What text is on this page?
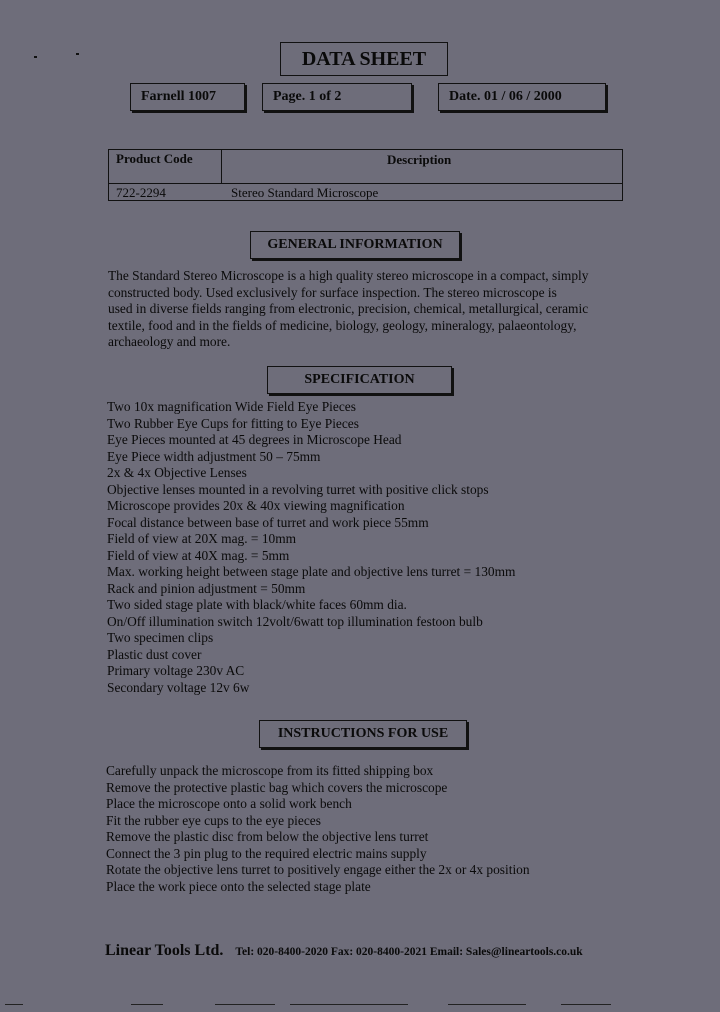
DATA SHEET
Farnell 1007	Page. 1 of 2	Date. 01 / 06 / 2000
Product Code	Description
722-2294	Stereo Standard Microscope
GENERAL INFORMATION
The Standard Stereo Microscope is a high quality stereo microscope in a compact, simply
constructed body. Used exclusively for surface inspection. The stereo microscope is
used in diverse fields ranging from electronic, precision, chemical, metallurgical, ceramic
textile, food and in the fields of medicine, biology, geology, mineralogy, palaeontology,
archaeology and more.
SPECIFICATION
Two 10x magnification Wide Field Eye Pieces
Two Rubber Eye Cups for fitting to Eye Pieces
Eye Pieces mounted at 45 degrees in Microscope Head
Eye Piece width adjustment 50 – 75mm
2x & 4x Objective Lenses
Objective lenses mounted in a revolving turret with positive click stops
Microscope provides 20x & 40x viewing magnification
Focal distance between base of turret and work piece 55mm
Field of view at 20X mag. = 10mm
Field of view at 40X mag. = 5mm
Max. working height between stage plate and objective lens turret = 130mm
Rack and pinion adjustment = 50mm
Two sided stage plate with black/white faces 60mm dia.
On/Off illumination switch 12volt/6watt top illumination festoon bulb
Two specimen clips
Plastic dust cover
Primary voltage 230v AC
Secondary voltage 12v 6w
INSTRUCTIONS FOR USE
Carefully unpack the microscope from its fitted shipping box
Remove the protective plastic bag which covers the microscope
Place the microscope onto a solid work bench
Fit the rubber eye cups to the eye pieces
Remove the plastic disc from below the objective lens turret
Connect the 3 pin plug to the required electric mains supply
Rotate the objective lens turret to positively engage either the 2x or 4x position
Place the work piece onto the selected stage plate
Linear Tools Ltd. Tel: 020-8400-2020 Fax: 020-8400-2021 Email: Sales@lineartools.co.uk
